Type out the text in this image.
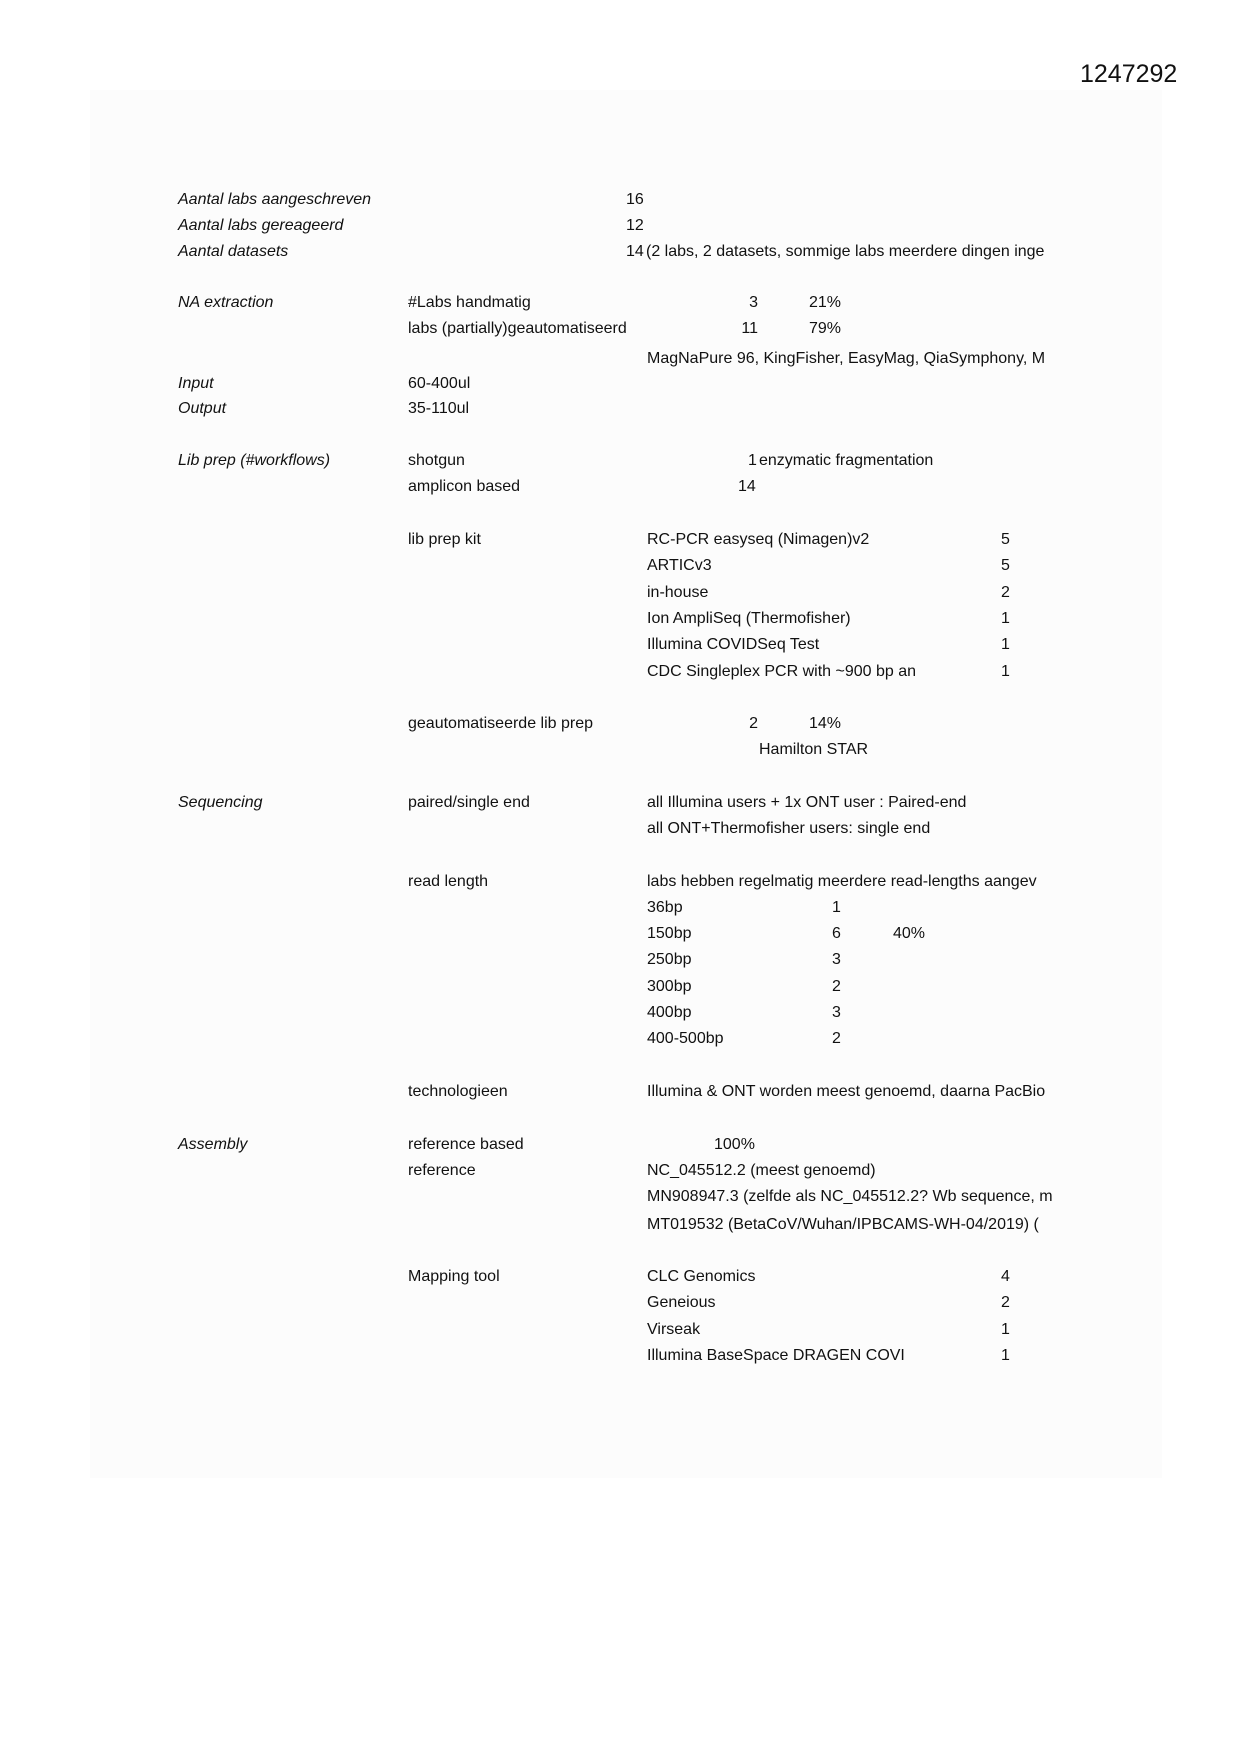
1247292
Aantal labs aangeschreven	16
Aantal labs gereageerd	12
Aantal datasets	14 (2 labs, 2 datasets, sommige labs meerdere dingen inge
NA extraction	#Labs handmatig	3	21%
labs (partially)geautomatiseerd	11	79%
MagNaPure 96, KingFisher, EasyMag, QiaSymphony, M
Input	60-400ul
Output	35-110ul
Lib prep (#workflows)	shotgun	1 enzymatic fragmentation
amplicon based	14
lib prep kit	RC-PCR easyseq (Nimagen)v2	5
ARTICv3	5
in-house	2
Ion AmpliSeq (Thermofisher)	1
Illumina COVIDSeq Test	1
CDC Singleplex PCR with ~900 bp an	1
geautomatiseerde lib prep	2	14%
Hamilton STAR
Sequencing	paired/single end	all Illumina users + 1x ONT user : Paired-end
all ONT+Thermofisher users: single end
read length	labs hebben regelmatig meerdere read-lengths aangev
36bp	1
150bp	6	40%
250bp	3
300bp	2
400bp	3
400-500bp	2
technologieen	Illumina & ONT worden meest genoemd, daarna PacBio
Assembly	reference based	100%
reference	NC_045512.2 (meest genoemd)
MN908947.3 (zelfde als NC_045512.2? Wb sequence, m
MT019532 (BetaCoV/Wuhan/IPBCAMS-WH-04/2019) (
Mapping tool	CLC Genomics	4
Geneious	2
Virseak	1
Illumina BaseSpace DRAGEN COVI	1
